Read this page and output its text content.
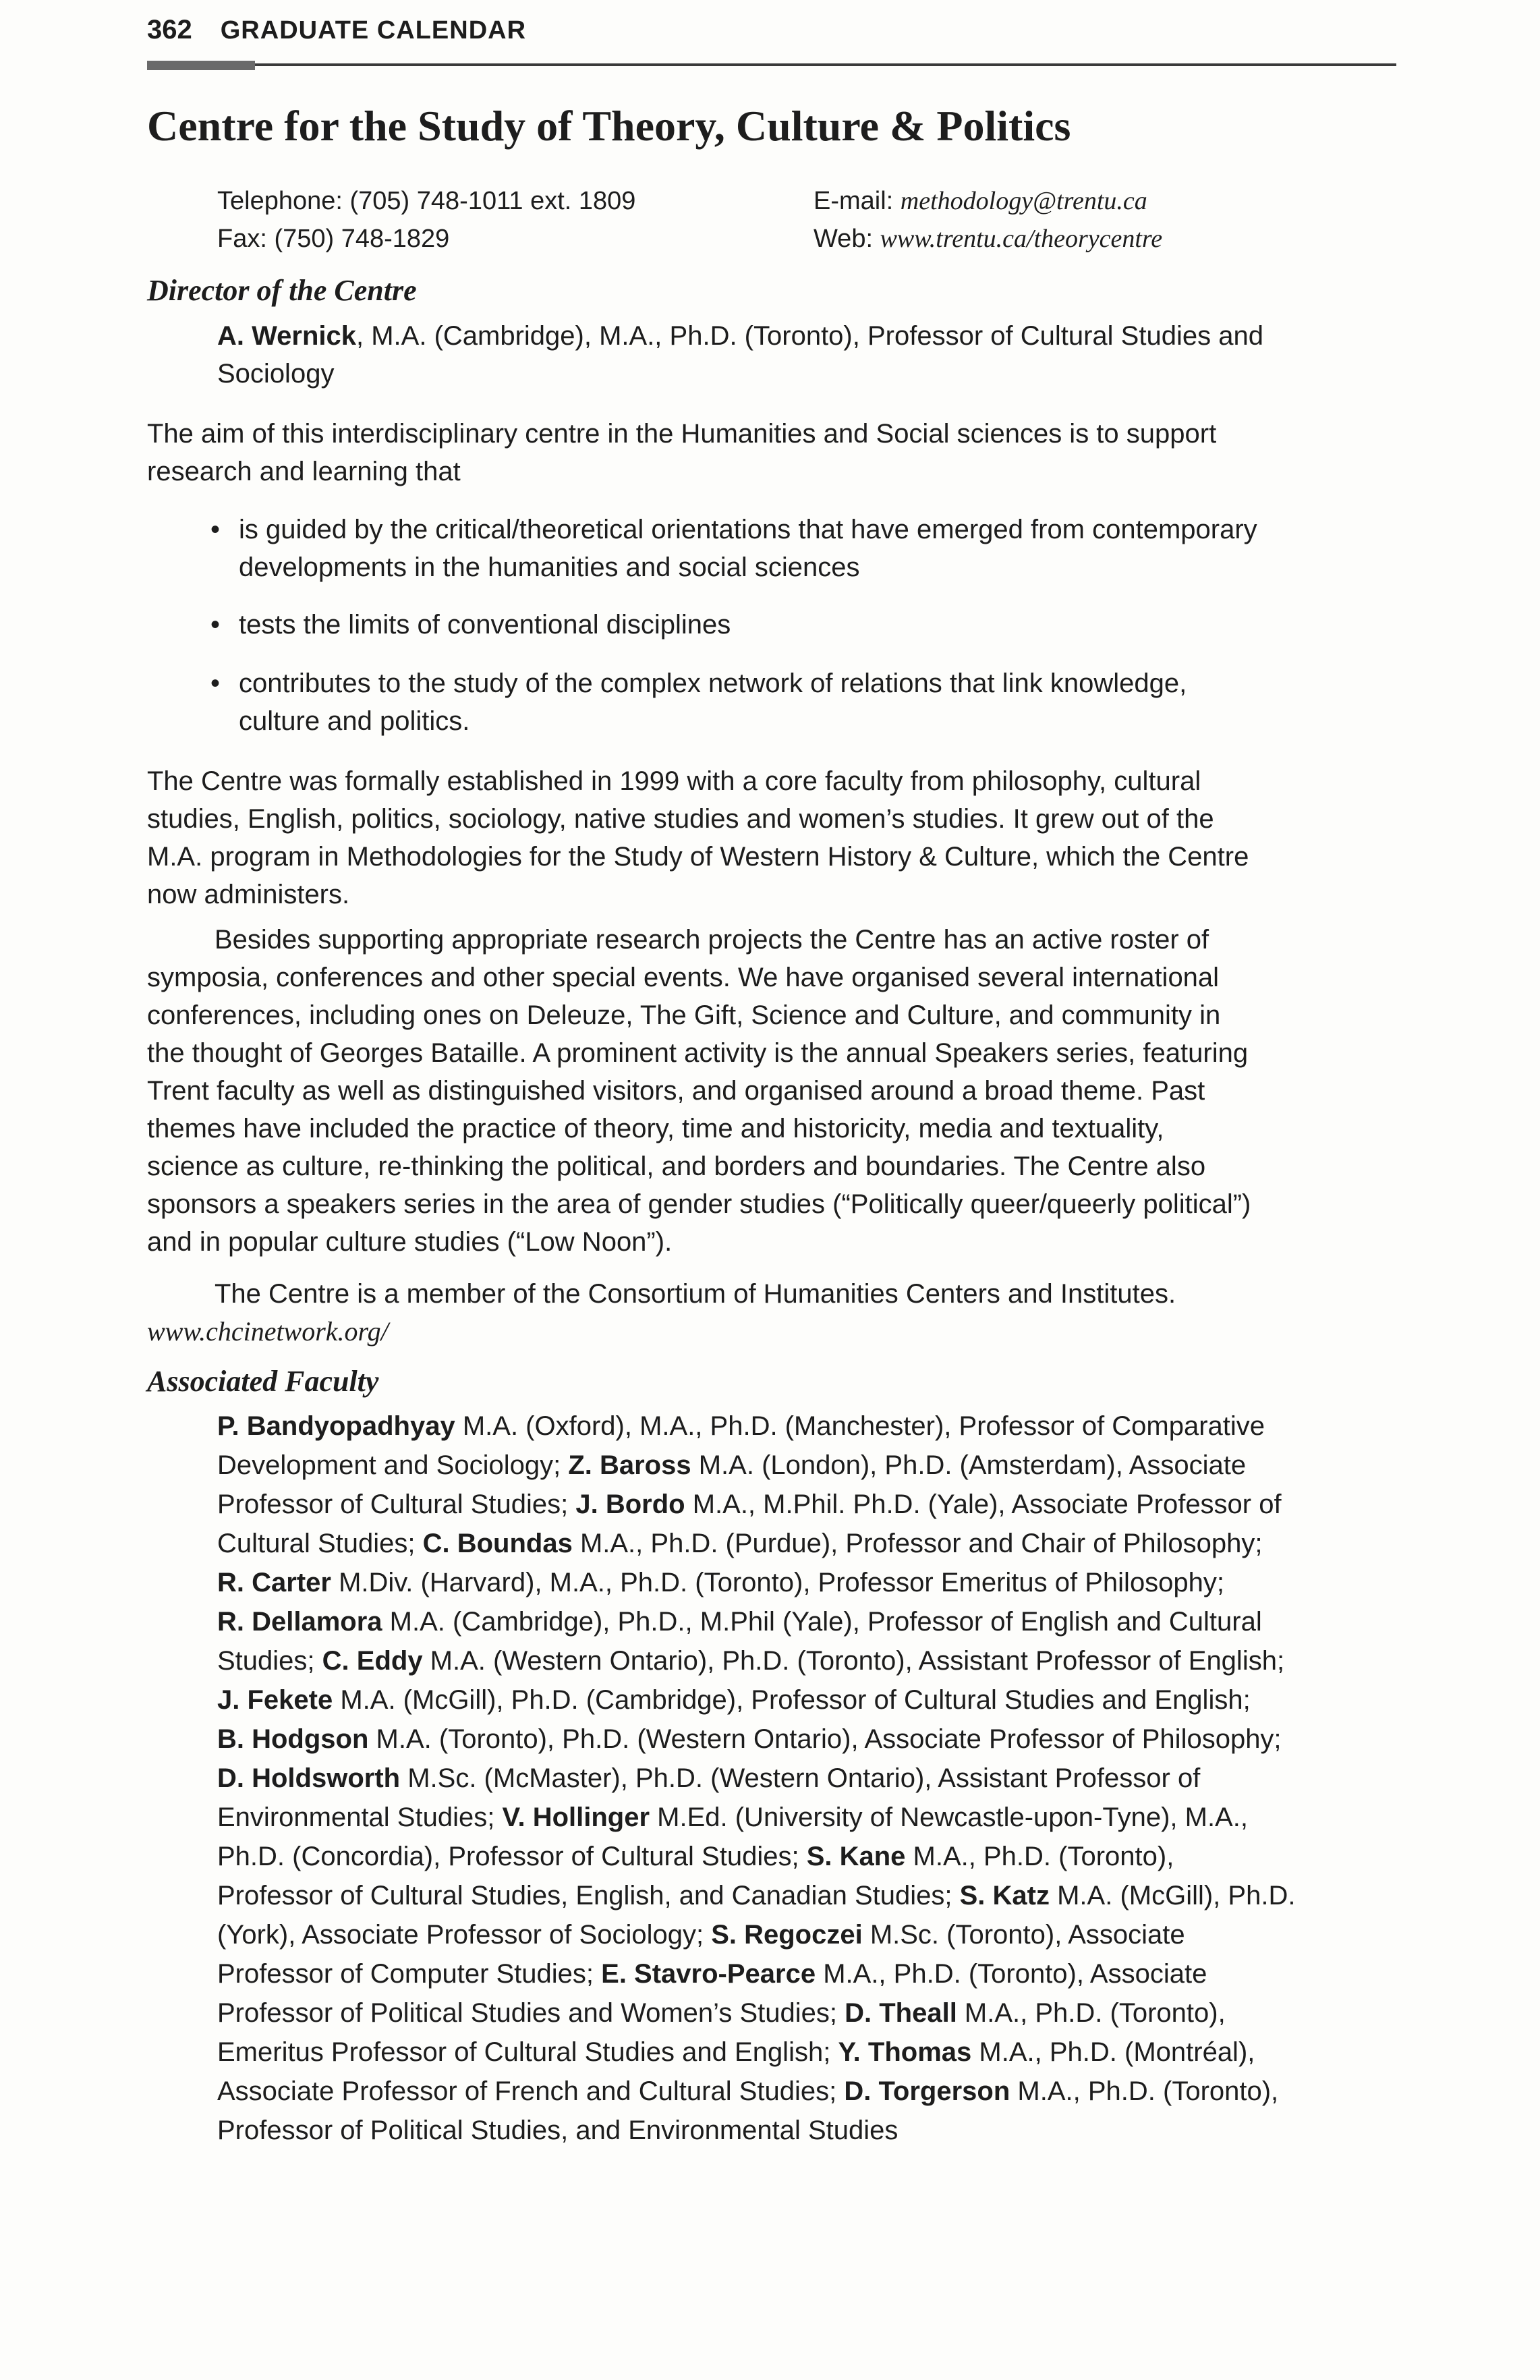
362 GRADUATE CALENDAR
Centre for the Study of Theory, Culture & Politics
Telephone: (705) 748-1011 ext. 1809
Fax: (750) 748-1829
E-mail: methodology@trentu.ca
Web: www.trentu.ca/theorycentre
Director of the Centre
A. Wernick, M.A. (Cambridge), M.A., Ph.D. (Toronto), Professor of Cultural Studies and
Sociology
The aim of this interdisciplinary centre in the Humanities and Social sciences is to support
research and learning that
• is guided by the critical/theoretical orientations that have emerged from contemporary
developments in the humanities and social sciences
• tests the limits of conventional disciplines
• contributes to the study of the complex network of relations that link knowledge,
culture and politics.
The Centre was formally established in 1999 with a core faculty from philosophy, cultural
studies, English, politics, sociology, native studies and women’s studies. It grew out of the
M.A. program in Methodologies for the Study of Western History & Culture, which the Centre
now administers.
Besides supporting appropriate research projects the Centre has an active roster of
symposia, conferences and other special events. We have organised several international
conferences, including ones on Deleuze, The Gift, Science and Culture, and community in
the thought of Georges Bataille. A prominent activity is the annual Speakers series, featuring
Trent faculty as well as distinguished visitors, and organised around a broad theme. Past
themes have included the practice of theory, time and historicity, media and textuality,
science as culture, re-thinking the political, and borders and boundaries. The Centre also
sponsors a speakers series in the area of gender studies (“Politically queer/queerly political”)
and in popular culture studies (“Low Noon”).
The Centre is a member of the Consortium of Humanities Centers and Institutes.
www.chcinetwork.org/
Associated Faculty
P. Bandyopadhyay M.A. (Oxford), M.A., Ph.D. (Manchester), Professor of Comparative
Development and Sociology; Z. Baross M.A. (London), Ph.D. (Amsterdam), Associate
Professor of Cultural Studies; J. Bordo M.A., M.Phil. Ph.D. (Yale), Associate Professor of
Cultural Studies; C. Boundas M.A., Ph.D. (Purdue), Professor and Chair of Philosophy;
R. Carter M.Div. (Harvard), M.A., Ph.D. (Toronto), Professor Emeritus of Philosophy;
R. Dellamora M.A. (Cambridge), Ph.D., M.Phil (Yale), Professor of English and Cultural
Studies; C. Eddy M.A. (Western Ontario), Ph.D. (Toronto), Assistant Professor of English;
J. Fekete M.A. (McGill), Ph.D. (Cambridge), Professor of Cultural Studies and English;
B. Hodgson M.A. (Toronto), Ph.D. (Western Ontario), Associate Professor of Philosophy;
D. Holdsworth M.Sc. (McMaster), Ph.D. (Western Ontario), Assistant Professor of
Environmental Studies; V. Hollinger M.Ed. (University of Newcastle-upon-Tyne), M.A.,
Ph.D. (Concordia), Professor of Cultural Studies; S. Kane M.A., Ph.D. (Toronto),
Professor of Cultural Studies, English, and Canadian Studies; S. Katz M.A. (McGill), Ph.D.
(York), Associate Professor of Sociology; S. Regoczei M.Sc. (Toronto), Associate
Professor of Computer Studies; E. Stavro-Pearce M.A., Ph.D. (Toronto), Associate
Professor of Political Studies and Women’s Studies; D. Theall M.A., Ph.D. (Toronto),
Emeritus Professor of Cultural Studies and English; Y. Thomas M.A., Ph.D. (Montréal),
Associate Professor of French and Cultural Studies; D. Torgerson M.A., Ph.D. (Toronto),
Professor of Political Studies, and Environmental Studies
